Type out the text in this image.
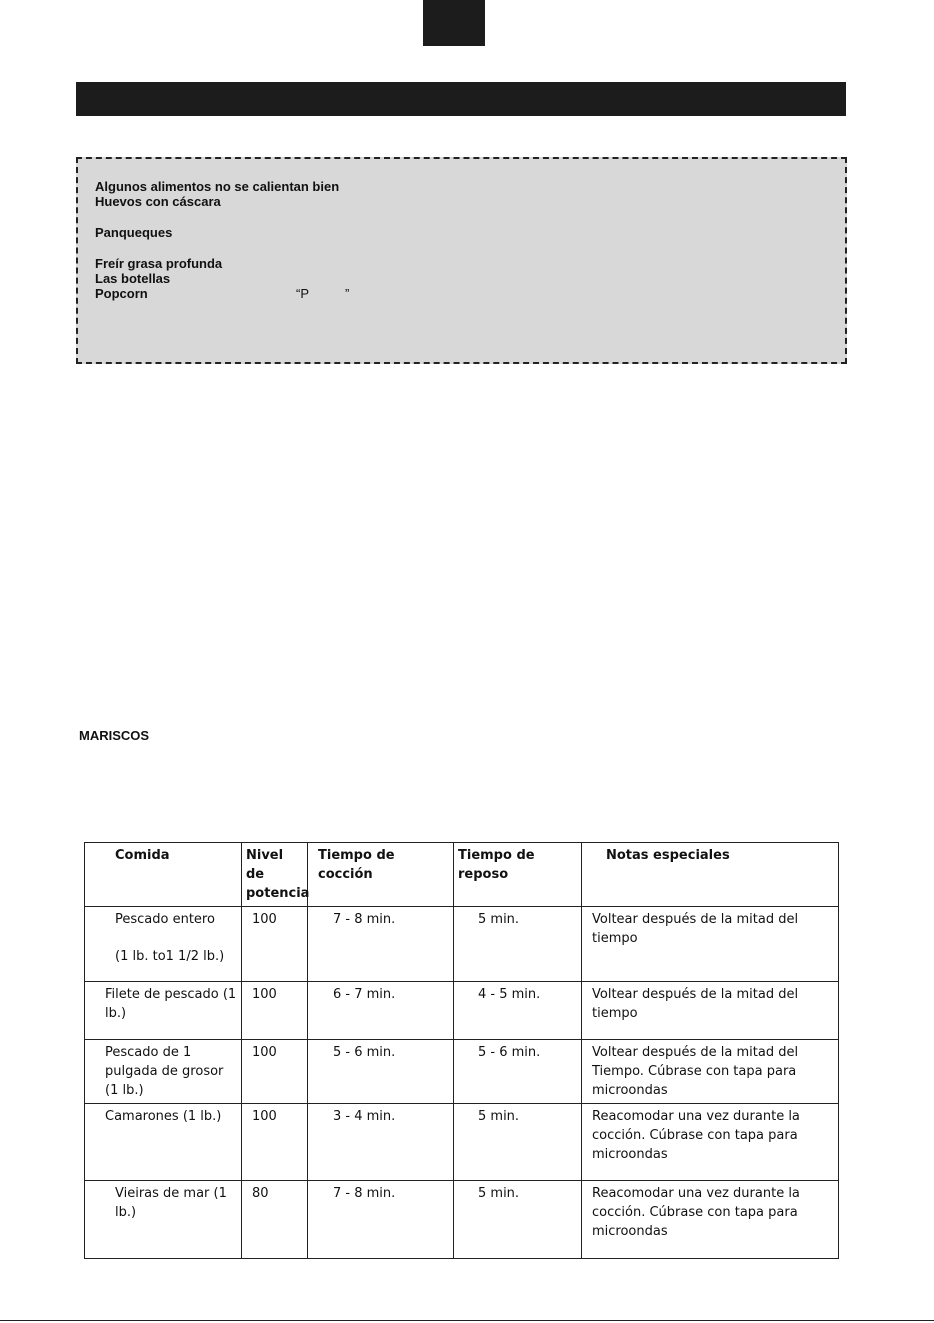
Algunos alimentos no se calientan bien
Huevos con cáscara
Panqueques
Freír grasa profunda
Las botellas
Popcorn	“P	”
MARISCOS
Comida	Nivel de potencia	Tiempo de cocción	Tiempo de reposo	Notas especiales
Pescado entero
(1 lb. to1 1/2 lb.)	100	7 - 8 min.	5 min.	Voltear después de la mitad del tiempo
Filete de pescado (1 lb.)	100	6 - 7 min.	4 - 5 min.	Voltear después de la mitad del tiempo
Pescado de 1 pulgada de grosor (1 lb.)	100	5 - 6 min.	5 - 6 min.	Voltear después de la mitad del Tiempo. Cúbrase con tapa para microondas
Camarones (1 lb.)	100	3 - 4 min.	5 min.	Reacomodar una vez durante la cocción. Cúbrase con tapa para microondas
Vieiras de mar (1 lb.)	80	7 - 8 min.	5 min.	Reacomodar una vez durante la cocción. Cúbrase con tapa para microondas
